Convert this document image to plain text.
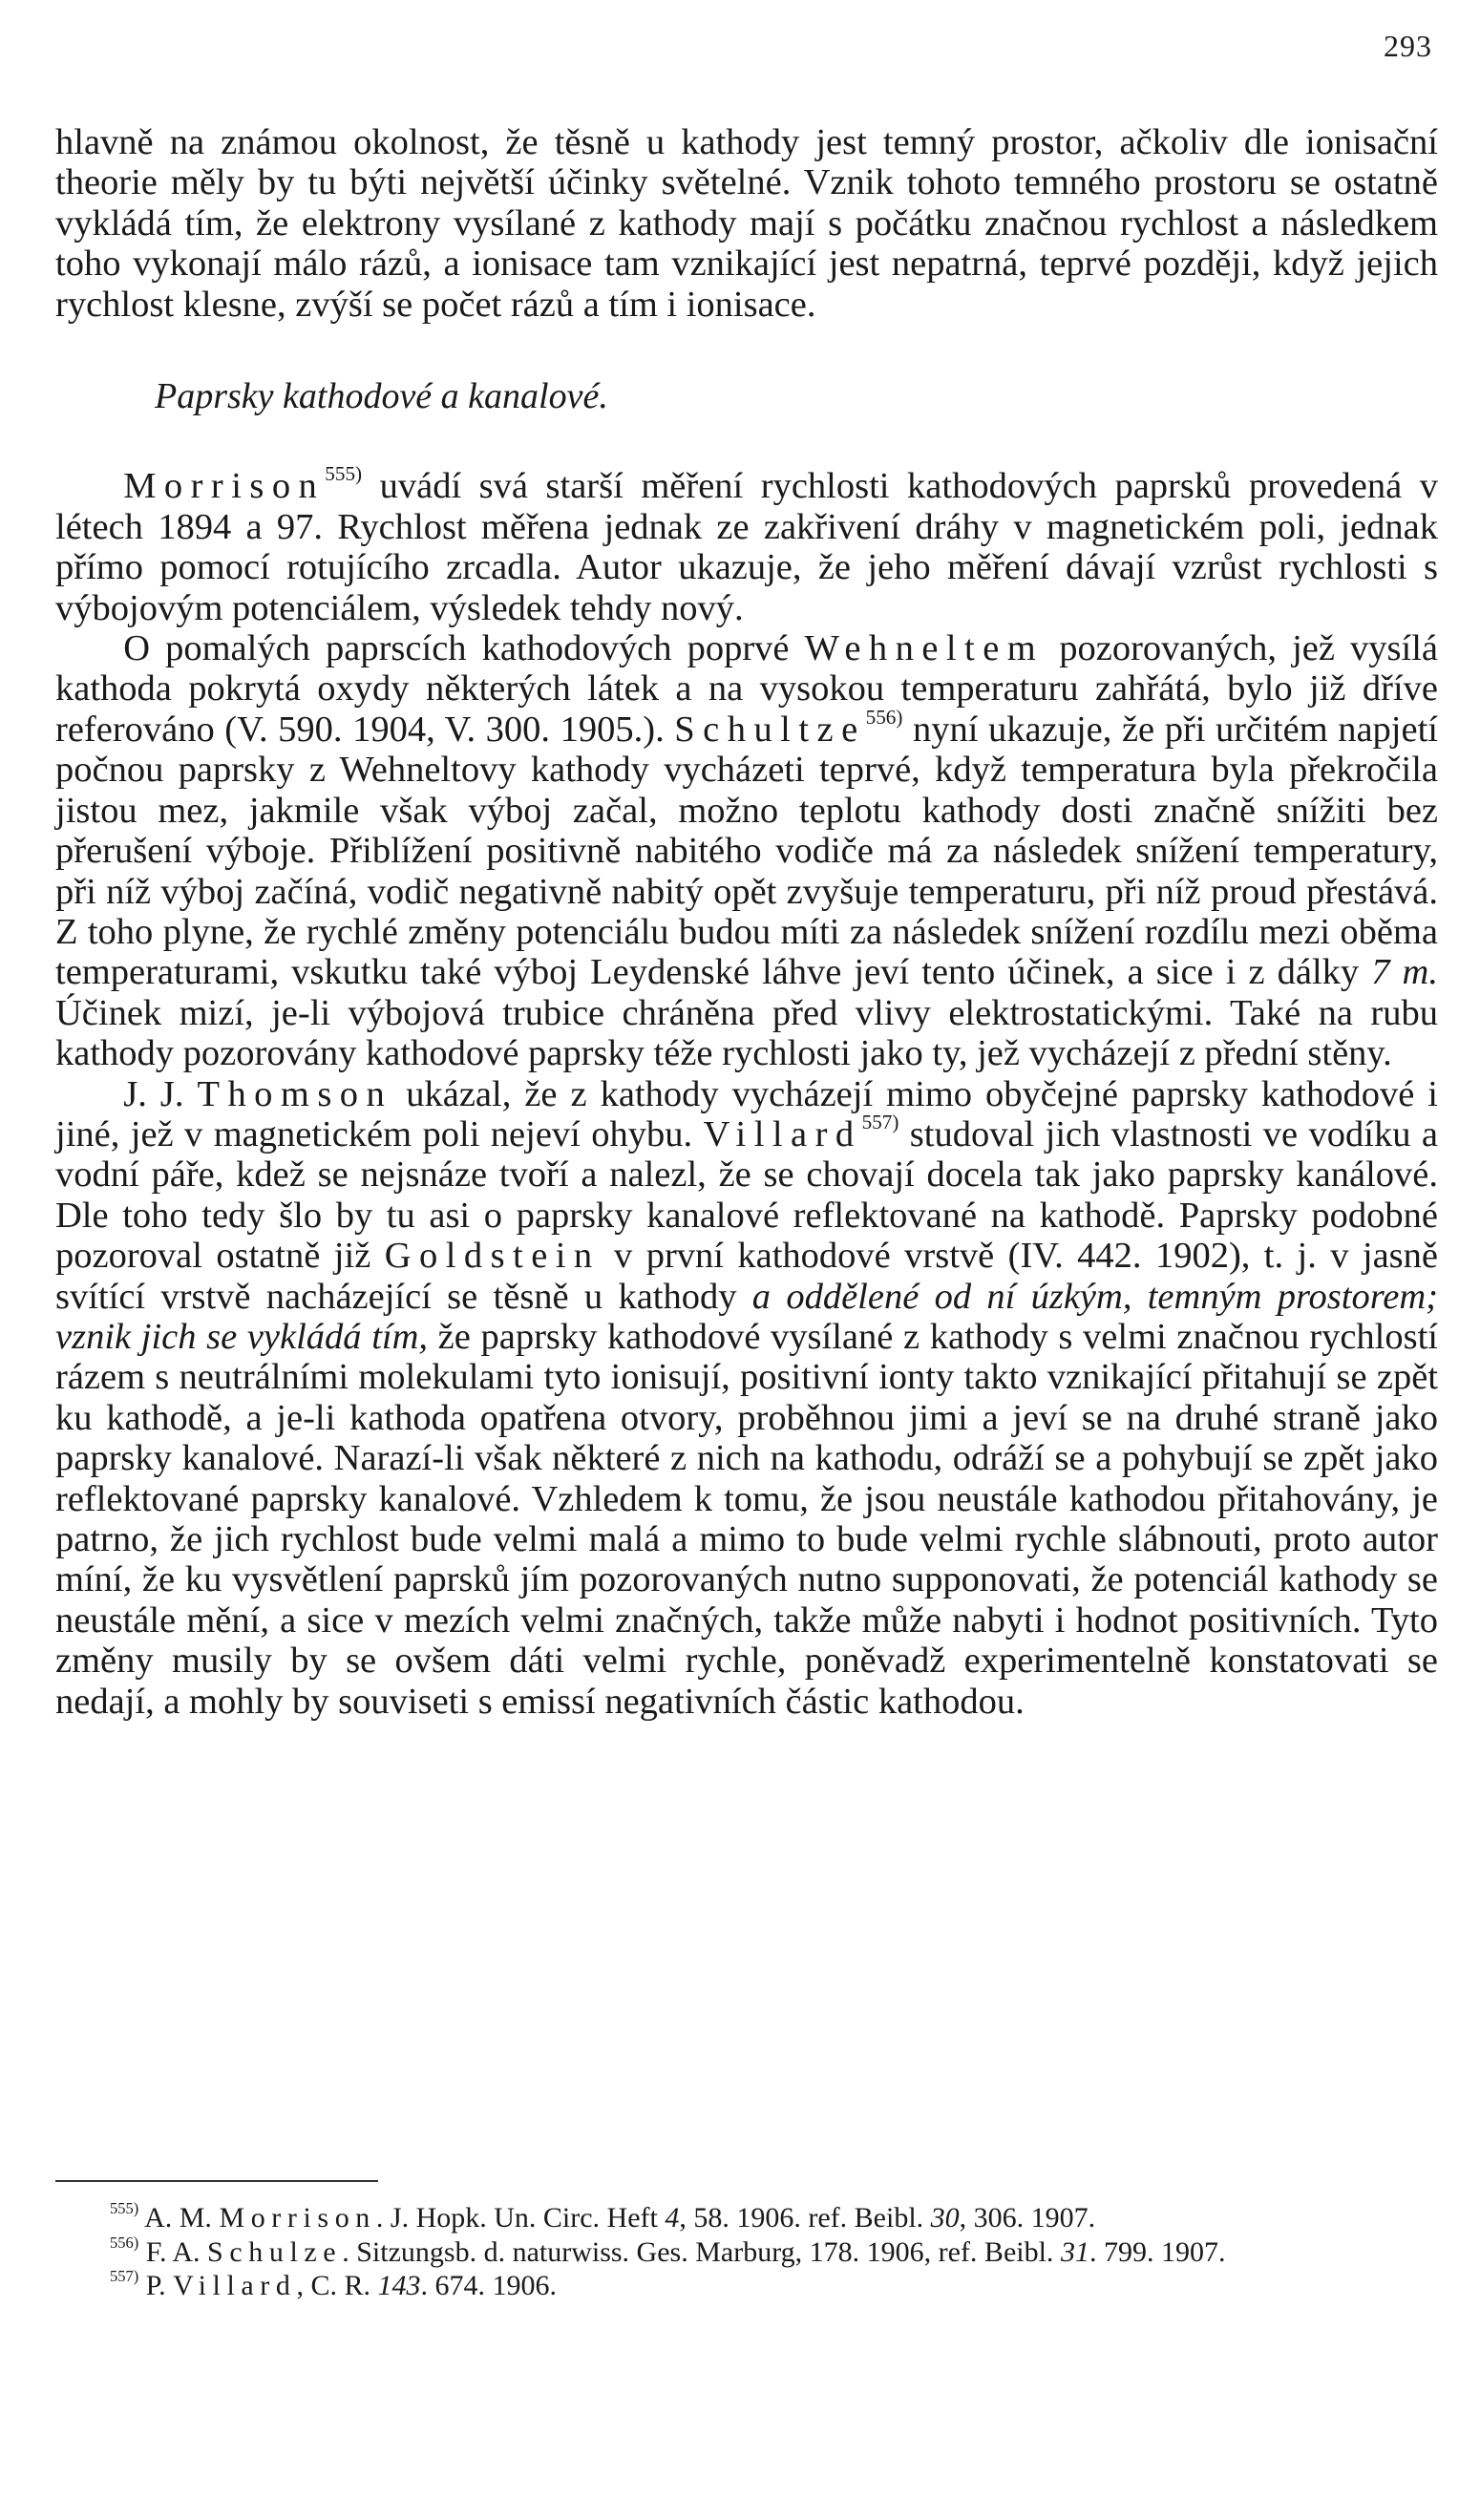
293

hlavně na známou okolnost, že těsně u kathody jest temný prostor, ačkoliv dle ionisační theorie měly by tu býti největší účinky světelné. Vznik tohoto temného prostoru se ostatně vykládá tím, že elektrony vysílané z kathody mají s počátku značnou rychlost a následkem toho vykonají málo rázů, a ionisace tam vznikající jest nepatrná, teprvé později, když jejich rychlost klesne, zvýší se počet rázů a tím i ionisace.

Paprsky kathodové a kanalové.

Morrison$^{555)}$ uvádí svá starší měření rychlosti kathodových paprsků provedená v létech 1894 a 97. Rychlost měřena jednak ze zakřivení dráhy v magnetickém poli, jednak přímo pomocí rotujícího zrcadla. Autor ukazuje, že jeho měření dávají vzrůst rychlosti s výbojovým potenciálem, výsledek tehdy nový.

O pomalých paprscích kathodových poprvé Wehneltem pozorovaných, jež vysílá kathoda pokrytá oxydy některých látek a na vysokou temperaturu zahřátá, bylo již dříve referováno (V. 590. 1904, V. 300. 1905.). Schultze$^{556)}$ nyní ukazuje, že při určitém napjetí počnou paprsky z Wehneltovy kathody vycházeti teprvé, když temperatura byla překročila jistou mez, jakmile však výboj začal, možno teplotu kathody dosti značně snížiti bez přerušení výboje. Přiblížení positivně nabitého vodiče má za následek snížení temperatury, při níž výboj začíná, vodič negativně nabitý opět zvyšuje temperaturu, při níž proud přestává. Z toho plyne, že rychlé změny potenciálu budou míti za následek snížení rozdílu mezi oběma temperaturami, vskutku také výboj Leydenské láhve jeví tento účinek, a sice i z dálky 7 m. Účinek mizí, je-li výbojová trubice chráněna před vlivy elektrostatickými. Také na rubu kathody pozorovány kathodové paprsky téže rychlosti jako ty, jež vycházejí z přední stěny.

J. J. Thomson ukázal, že z kathody vycházejí mimo obyčejné paprsky kathodové i jiné, jež v magnetickém poli nejeví ohybu. Villard$^{557)}$ studoval jich vlastnosti ve vodíku a vodní páře, kdež se nejsnáze tvoří a nalezl, že se chovají docela tak jako paprsky kanálové. Dle toho tedy šlo by tu asi o paprsky kanalové reflektované na kathodě. Paprsky podobné pozoroval ostatně již Goldstein v první kathodové vrstvě (IV. 442. 1902), t. j. v jasně svítící vrstvě nacházející se těsně u kathody a oddělené od ní úzkým, temným prostorem; vznik jich se vykládá tím, že paprsky kathodové vysílané z kathody s velmi značnou rychlostí rázem s neutrálními molekulami tyto ionisují, positivní ionty takto vznikající přitahují se zpět ku kathodě, a je-li kathoda opatřena otvory, proběhnou jimi a jeví se na druhé straně jako paprsky kanalové. Narazí-li však některé z nich na kathodu, odráží se a pohybují se zpět jako reflektované paprsky kanalové. Vzhledem k tomu, že jsou neustále kathodou přitahovány, je patrno, že jich rychlost bude velmi malá a mimo to bude velmi rychle slábnouti, proto autor míní, že ku vysvětlení paprsků jím pozorovaných nutno supponovati, že potenciál kathody se neustále mění, a sice v mezích velmi značných, takže může nabyti i hodnot positivních. Tyto změny musily by se ovšem dáti velmi rychle, poněvadž experimentelně konstatovati se nedají, a mohly by souviseti s emissí negativních částic kathodou.

$^{555)}$ A. M. Morrison. J. Hopk. Un. Circ. Heft 4, 58. 1906. ref. Beibl. 30, 306. 1907.

$^{556)}$ F. A. Schulze. Sitzungsb. d. naturwiss. Ges. Marburg, 178. 1906, ref. Beibl. 31. 799. 1907.

$^{557)}$ P. Villard, C. R. 143. 674. 1906.
